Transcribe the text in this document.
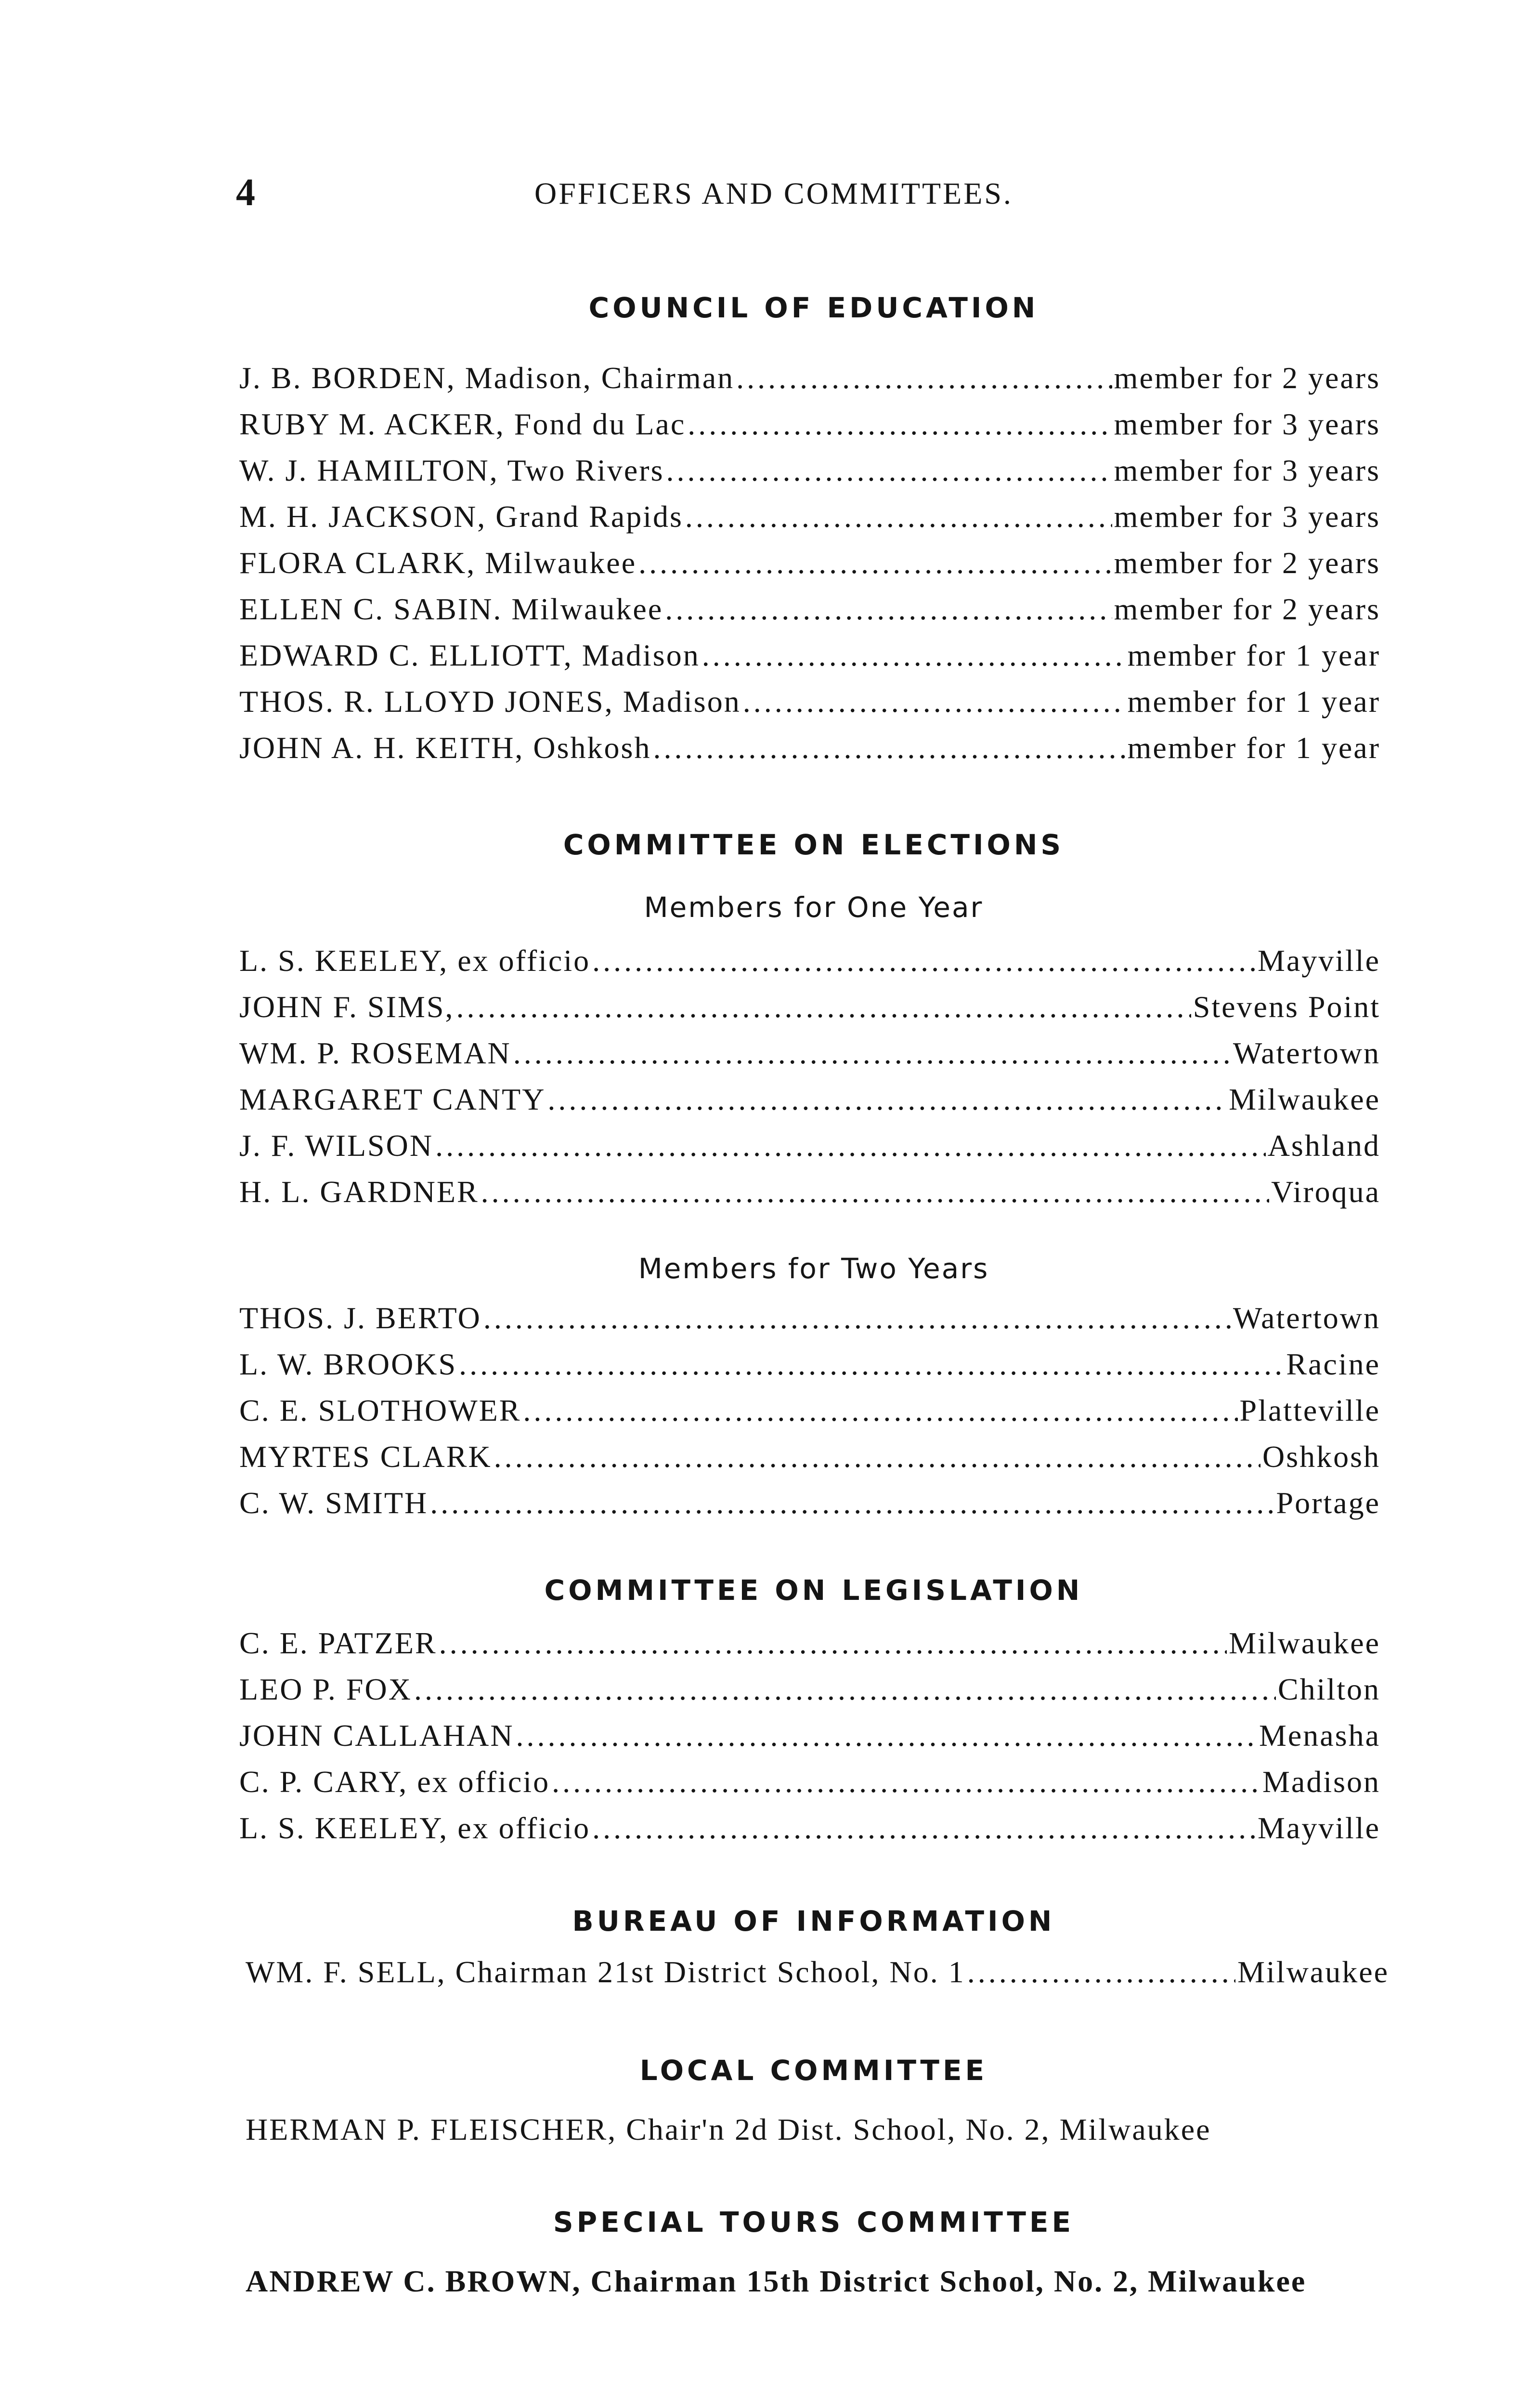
4	OFFICERS AND COMMITTEES.
COUNCIL OF EDUCATION
J. B. BORDEN, Madison, Chairman .....	member for 2 years
RUBY M. ACKER, Fond du Lac .....	member for 3 years
W. J. HAMILTON, Two Rivers .....	member for 3 years
M. H. JACKSON, Grand Rapids .....	member for 3 years
FLORA CLARK, Milwaukee .....	member for 2 years
ELLEN C. SABIN. Milwaukee .....	member for 2 years
EDWARD C. ELLIOTT, Madison .....	member for 1 year
THOS. R. LLOYD JONES, Madison .....	member for 1 year
JOHN A. H. KEITH, Oshkosh .....	member for 1 year
COMMITTEE ON ELECTIONS
Members for One Year
L. S. KEELEY, ex officio .....	Mayville
JOHN F. SIMS, .....	Stevens Point
WM. P. ROSEMAN .....	Watertown
MARGARET CANTY .....	Milwaukee
J. F. WILSON .....	Ashland
H. L. GARDNER .....	Viroqua
Members for Two Years
THOS. J. BERTO .....	Watertown
L. W. BROOKS .....	Racine
C. E. SLOTHOWER .....	Platteville
MYRTES CLARK .....	Oshkosh
C. W. SMITH .....	Portage
COMMITTEE ON LEGISLATION
C. E. PATZER .....	Milwaukee
LEO P. FOX .....	Chilton
JOHN CALLAHAN .....	Menasha
C. P. CARY, ex officio .....	Madison
L. S. KEELEY, ex officio .....	Mayville
BUREAU OF INFORMATION
WM. F. SELL, Chairman 21st District School, No. 1 .....	Milwaukee
LOCAL COMMITTEE
HERMAN P. FLEISCHER, Chair'n 2d Dist. School, No. 2, Milwaukee
SPECIAL TOURS COMMITTEE
ANDREW C. BROWN, Chairman 15th District School, No. 2, Milwaukee
